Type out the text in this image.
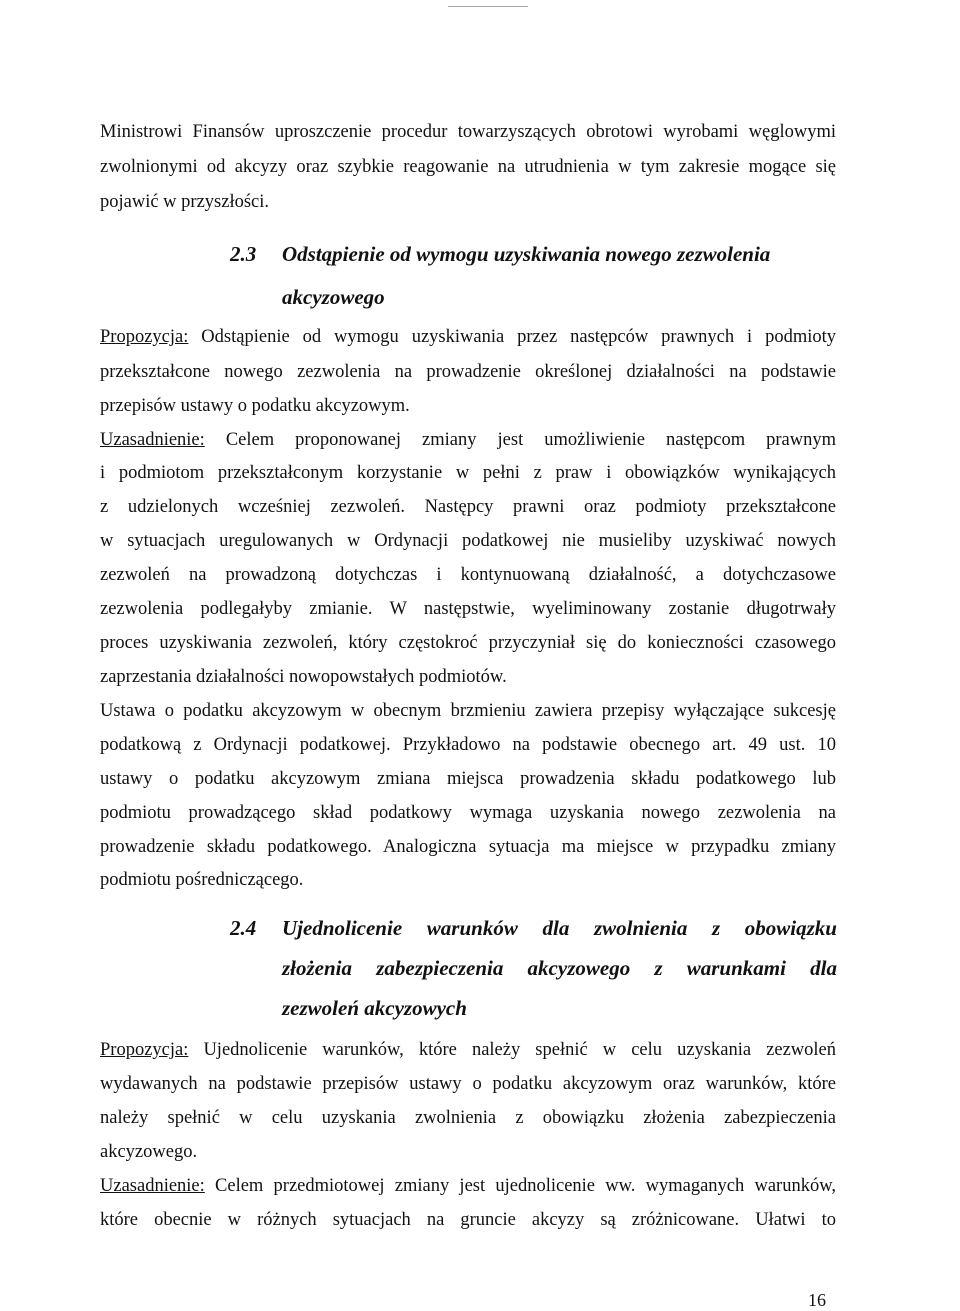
Ministrowi Finansów uproszczenie procedur towarzyszących obrotowi wyrobami węglowymi
zwolnionymi od akcyzy oraz szybkie reagowanie na utrudnienia w tym zakresie mogące się
pojawić w przyszłości.
2.3 Odstąpienie od wymogu uzyskiwania nowego zezwolenia
akcyzowego
Propozycja: Odstąpienie od wymogu uzyskiwania przez następców prawnych i podmioty
przekształcone nowego zezwolenia na prowadzenie określonej działalności na podstawie
przepisów ustawy o podatku akcyzowym.
Uzasadnienie: Celem proponowanej zmiany jest umożliwienie następcom prawnym
i podmiotom przekształconym korzystanie w pełni z praw i obowiązków wynikających
z udzielonych wcześniej zezwoleń. Następcy prawni oraz podmioty przekształcone
w sytuacjach uregulowanych w Ordynacji podatkowej nie musieliby uzyskiwać nowych
zezwoleń na prowadzoną dotychczas i kontynuowaną działalność, a dotychczasowe
zezwolenia podlegałyby zmianie. W następstwie, wyeliminowany zostanie długotrwały
proces uzyskiwania zezwoleń, który częstokroć przyczyniał się do konieczności czasowego
zaprzestania działalności nowopowstałych podmiotów.
Ustawa o podatku akcyzowym w obecnym brzmieniu zawiera przepisy wyłączające sukcesję
podatkową z Ordynacji podatkowej. Przykładowo na podstawie obecnego art. 49 ust. 10
ustawy o podatku akcyzowym zmiana miejsca prowadzenia składu podatkowego lub
podmiotu prowadzącego skład podatkowy wymaga uzyskania nowego zezwolenia na
prowadzenie składu podatkowego. Analogiczna sytuacja ma miejsce w przypadku zmiany
podmiotu pośredniczącego.
2.4 Ujednolicenie warunków dla zwolnienia z obowiązku
złożenia zabezpieczenia akcyzowego z warunkami dla
zezwoleń akcyzowych
Propozycja: Ujednolicenie warunków, które należy spełnić w celu uzyskania zezwoleń
wydawanych na podstawie przepisów ustawy o podatku akcyzowym oraz warunków, które
należy spełnić w celu uzyskania zwolnienia z obowiązku złożenia zabezpieczenia
akcyzowego.
Uzasadnienie: Celem przedmiotowej zmiany jest ujednolicenie ww. wymaganych warunków,
które obecnie w różnych sytuacjach na gruncie akcyzy są zróżnicowane. Ułatwi to
16
